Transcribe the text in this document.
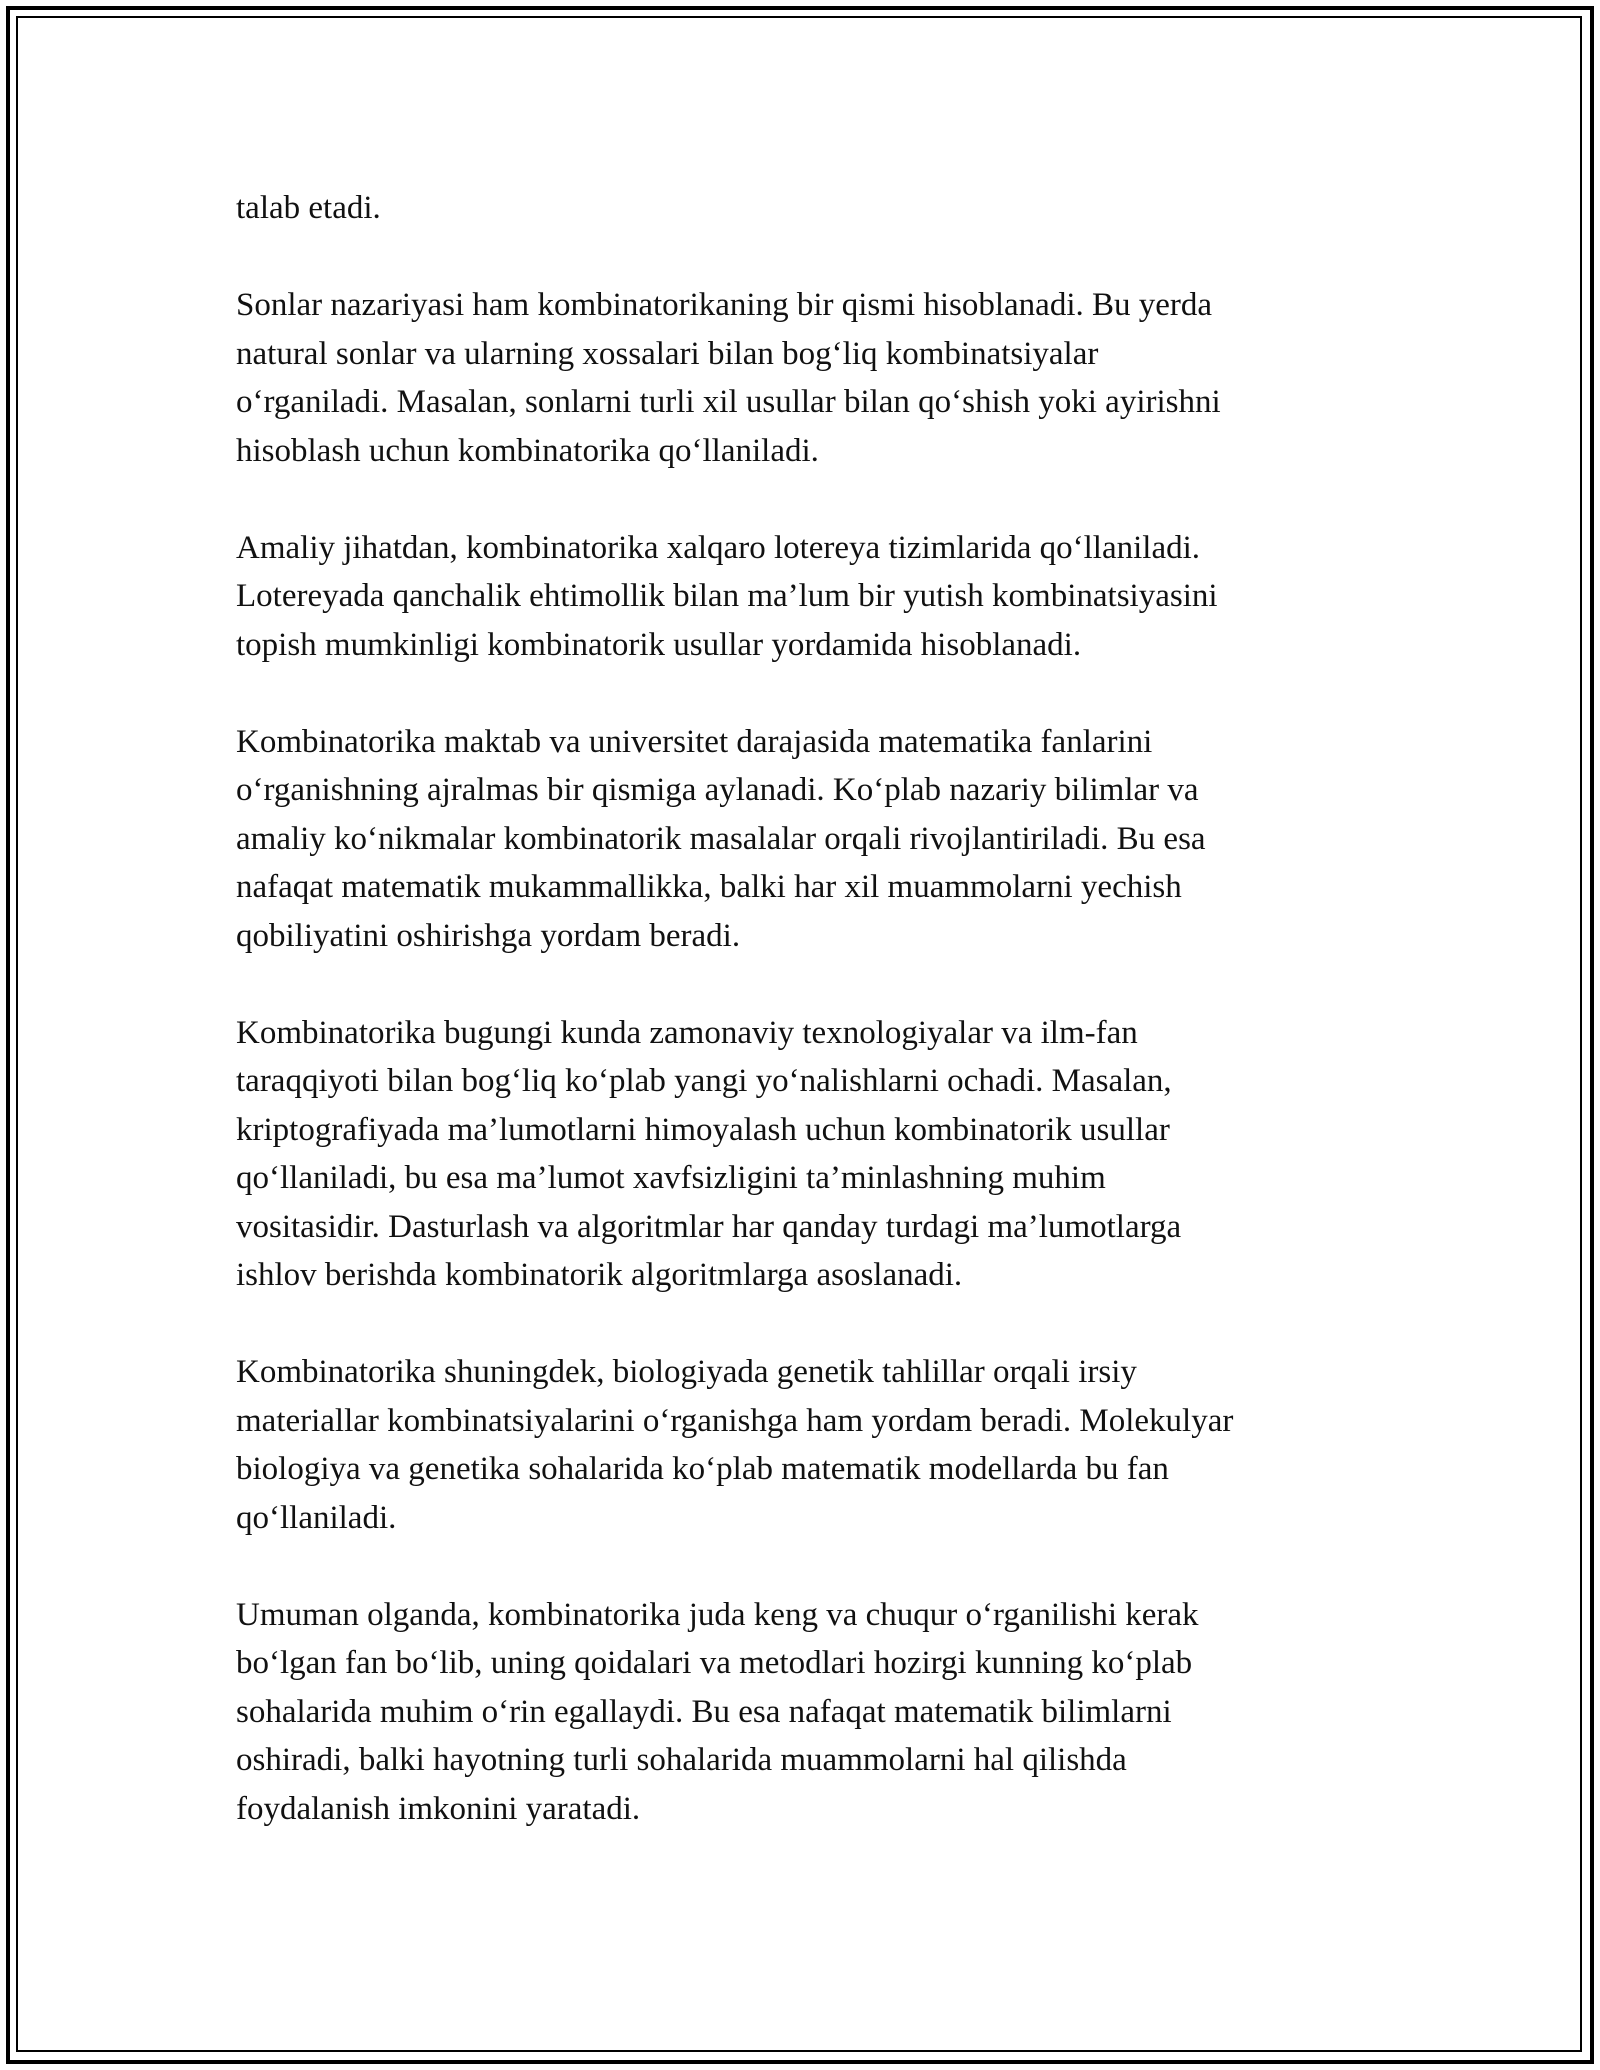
talab etadi.

Sonlar nazariyasi ham kombinatorikaning bir qismi hisoblanadi. Bu yerda
natural sonlar va ularning xossalari bilan bog‘liq kombinatsiyalar
o‘rganiladi. Masalan, sonlarni turli xil usullar bilan qo‘shish yoki ayirishni
hisoblash uchun kombinatorika qo‘llaniladi.

Amaliy jihatdan, kombinatorika xalqaro lotereya tizimlarida qo‘llaniladi.
Lotereyada qanchalik ehtimollik bilan ma’lum bir yutish kombinatsiyasini
topish mumkinligi kombinatorik usullar yordamida hisoblanadi.

Kombinatorika maktab va universitet darajasida matematika fanlarini
o‘rganishning ajralmas bir qismiga aylanadi. Ko‘plab nazariy bilimlar va
amaliy ko‘nikmalar kombinatorik masalalar orqali rivojlantiriladi. Bu esa
nafaqat matematik mukammallikka, balki har xil muammolarni yechish
qobiliyatini oshirishga yordam beradi.

Kombinatorika bugungi kunda zamonaviy texnologiyalar va ilm-fan
taraqqiyoti bilan bog‘liq ko‘plab yangi yo‘nalishlarni ochadi. Masalan,
kriptografiyada ma’lumotlarni himoyalash uchun kombinatorik usullar
qo‘llaniladi, bu esa ma’lumot xavfsizligini ta’minlashning muhim
vositasidir. Dasturlash va algoritmlar har qanday turdagi ma’lumotlarga
ishlov berishda kombinatorik algoritmlarga asoslanadi.

Kombinatorika shuningdek, biologiyada genetik tahlillar orqali irsiy
materiallar kombinatsiyalarini o‘rganishga ham yordam beradi. Molekulyar
biologiya va genetika sohalarida ko‘plab matematik modellarda bu fan
qo‘llaniladi.

Umuman olganda, kombinatorika juda keng va chuqur o‘rganilishi kerak
bo‘lgan fan bo‘lib, uning qoidalari va metodlari hozirgi kunning ko‘plab
sohalarida muhim o‘rin egallaydi. Bu esa nafaqat matematik bilimlarni
oshiradi, balki hayotning turli sohalarida muammolarni hal qilishda
foydalanish imkonini yaratadi.
